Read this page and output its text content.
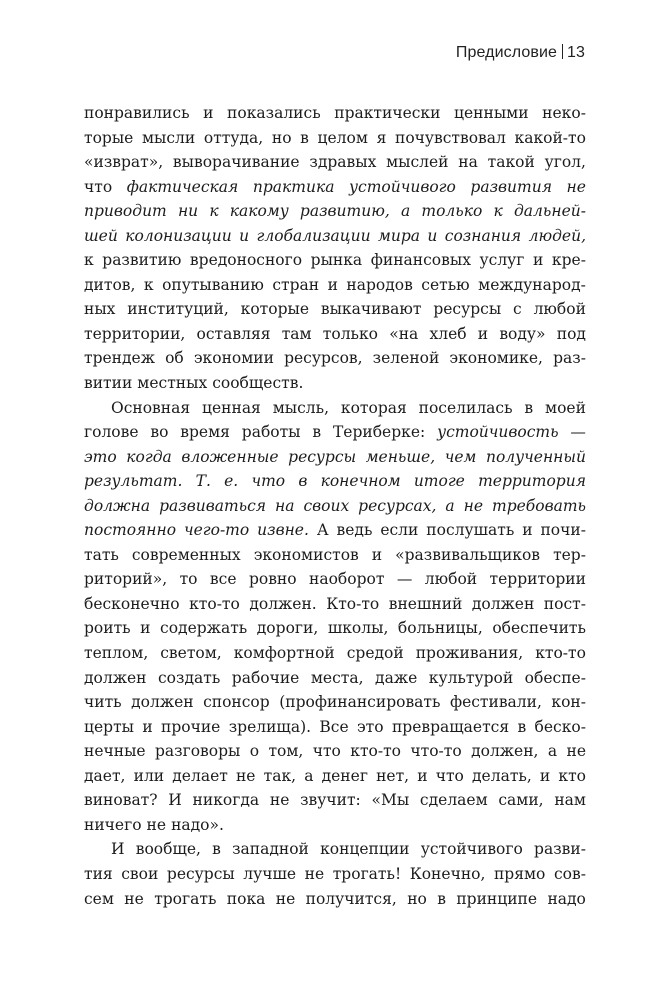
Предисловие 13
понравились и показались практически ценными неко-
торые мысли оттуда, но в целом я почувствовал какой-то
«изврат», выворачивание здравых мыслей на такой угол,
что фактическая практика устойчивого развития не
приводит ни к какому развитию, а только к дальней-
шей колонизации и глобализации мира и сознания людей,
к развитию вредоносного рынка финансовых услуг и кре-
дитов, к опутыванию стран и народов сетью международ-
ных институций, которые выкачивают ресурсы с любой
территории, оставляя там только «на хлеб и воду» под
трендеж об экономии ресурсов, зеленой экономике, раз-
витии местных сообществ.
Основная ценная мысль, которая поселилась в моей
голове во время работы в Териберке: устойчивость —
это когда вложенные ресурсы меньше, чем полученный
результат. Т. е. что в конечном итоге территория
должна развиваться на своих ресурсах, а не требовать
постоянно чего-то извне. А ведь если послушать и почи-
тать современных экономистов и «развивальщиков тер-
риторий», то все ровно наоборот — любой территории
бесконечно кто-то должен. Кто-то внешний должен пост-
роить и содержать дороги, школы, больницы, обеспечить
теплом, светом, комфортной средой проживания, кто-то
должен создать рабочие места, даже культурой обеспе-
чить должен спонсор (профинансировать фестивали, кон-
церты и прочие зрелища). Все это превращается в беско-
нечные разговоры о том, что кто-то что-то должен, а не
дает, или делает не так, а денег нет, и что делать, и кто
виноват? И никогда не звучит: «Мы сделаем сами, нам
ничего не надо».
И вообще, в западной концепции устойчивого разви-
тия свои ресурсы лучше не трогать! Конечно, прямо сов-
сем не трогать пока не получится, но в принципе надо
